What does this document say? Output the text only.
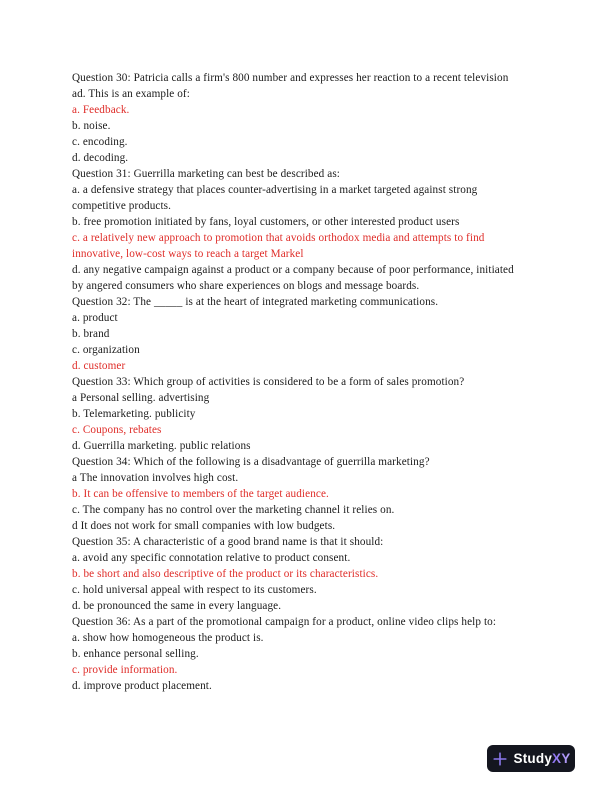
Question 30: Patricia calls a firm's 800 number and expresses her reaction to a recent television
ad. This is an example of:
a. Feedback.
b. noise.
c. encoding.
d. decoding.
Question 31: Guerrilla marketing can best be described as:
a. a defensive strategy that places counter-advertising in a market targeted against strong
competitive products.
b. free promotion initiated by fans, loyal customers, or other interested product users
c. a relatively new approach to promotion that avoids orthodox media and attempts to find
innovative, low-cost ways to reach a target Markel
d. any negative campaign against a product or a company because of poor performance, initiated
by angered consumers who share experiences on blogs and message boards.
Question 32: The _____ is at the heart of integrated marketing communications.
a. product
b. brand
c. organization
d. customer
Question 33: Which group of activities is considered to be a form of sales promotion?
a Personal selling. advertising
b. Telemarketing. publicity
c. Coupons, rebates
d. Guerrilla marketing. public relations
Question 34: Which of the following is a disadvantage of guerrilla marketing?
a The innovation involves high cost.
b. It can be offensive to members of the target audience.
c. The company has no control over the marketing channel it relies on.
d It does not work for small companies with low budgets.
Question 35: A characteristic of a good brand name is that it should:
a. avoid any specific connotation relative to product consent.
b. be short and also descriptive of the product or its characteristics.
c. hold universal appeal with respect to its customers.
d. be pronounced the same in every language.
Question 36: As a part of the promotional campaign for a product, online video clips help to:
a. show how homogeneous the product is.
b. enhance personal selling.
c. provide information.
d. improve product placement.
StudyXY
